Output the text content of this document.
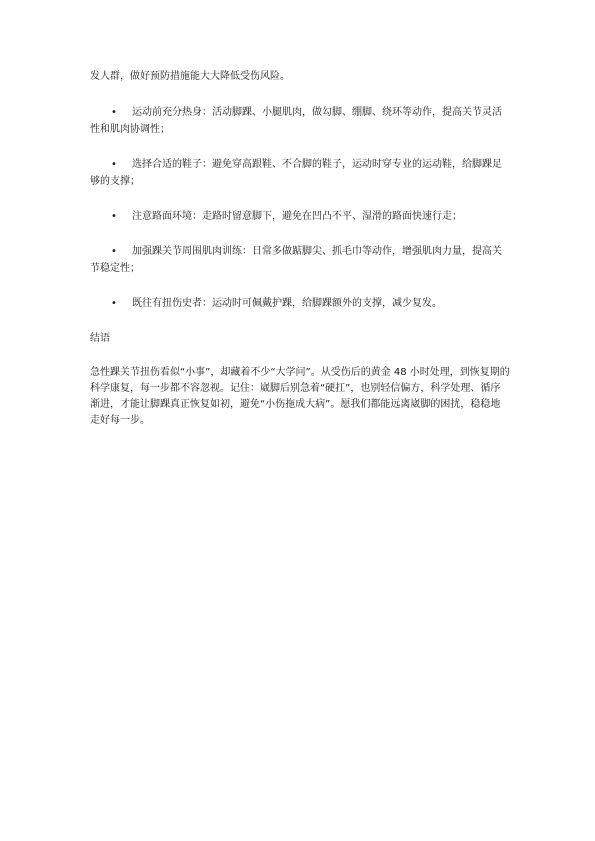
发人群，做好预防措施能大大降低受伤风险。

• 运动前充分热身：活动脚踝、小腿肌肉，做勾脚、绷脚、绕环等动作，提高关节灵活性和肌肉协调性；
• 选择合适的鞋子：避免穿高跟鞋、不合脚的鞋子，运动时穿专业的运动鞋，给脚踝足够的支撑；
• 注意路面环境：走路时留意脚下，避免在凹凸不平、湿滑的路面快速行走；
• 加强踝关节周围肌肉训练：日常多做踮脚尖、抓毛巾等动作，增强肌肉力量，提高关节稳定性；
• 既往有扭伤史者：运动时可佩戴护踝，给脚踝额外的支撑，减少复发。
结语

急性踝关节扭伤看似“小事”，却藏着不少“大学问”。从受伤后的黄金 48 小时处理，到恢复期的科学康复，每一步都不容忽视。记住：崴脚后别急着“硬扛”，也别轻信偏方，科学处理、循序渐进，才能让脚踝真正恢复如初，避免“小伤拖成大病”。愿我们都能远离崴脚的困扰，稳稳地走好每一步。
